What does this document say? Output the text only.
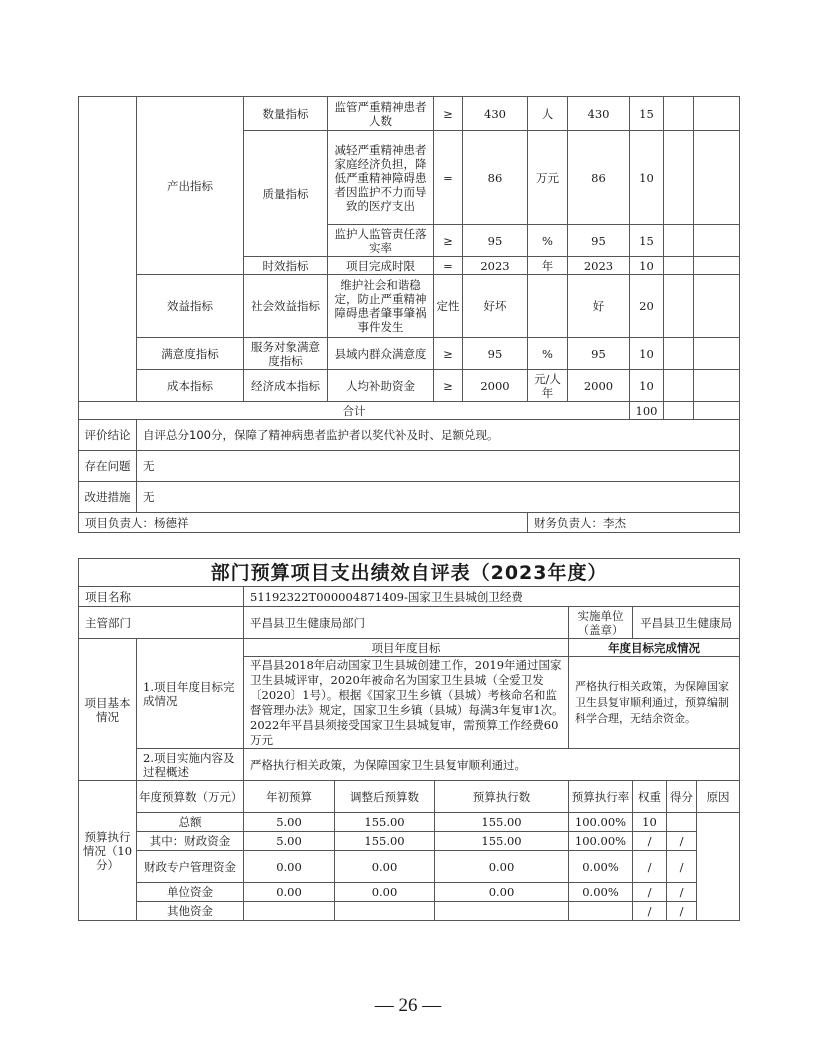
	产出指标	数量指标	监管严重精神患者人数	≥	430	人	430	15		
		质量指标	减轻严重精神患者家庭经济负担，降低严重精神障碍患者因监护不力而导致的医疗支出	=	86	万元	86	10		
			监护人监管责任落实率	≥	95	%	95	15		
		时效指标	项目完成时限	=	2023	年	2023	10		
	效益指标	社会效益指标	维护社会和谐稳定，防止严重精神障碍患者肇事肇祸事件发生	定性	好坏		好	20		
	满意度指标	服务对象满意度指标	县域内群众满意度	≥	95	%	95	10		
	成本指标	经济成本指标	人均补助资金	≥	2000	元/人年	2000	10		
合计								100		
评价结论	自评总分100分，保障了精神病患者监护者以奖代补及时、足额兑现。									
存在问题	无									
改进措施	无									
项目负责人：杨德祥						财务负责人：李杰				
部门预算项目支出绩效自评表（2023年度）								
项目名称		51192322T000004871409-国家卫生县城创卫经费						
主管部门		平昌县卫生健康局部门			实施单位（盖章）	平昌县卫生健康局		
项目基本情况	1.项目年度目标完成情况	项目年度目标			年度目标完成情况			
		平昌县2018年启动国家卫生县城创建工作，2019年通过国家卫生县城评审，2020年被命名为国家卫生县城（全爱卫发〔2020〕1号）。根据《国家卫生乡镇（县城）考核命名和监督管理办法》规定，国家卫生乡镇（县城）每满3年复审1次。2022年平昌县须接受国家卫生县城复审，需预算工作经费60万元			严格执行相关政策，为保障国家卫生县复审顺利通过，预算编制科学合理，无结余资金。			
	2.项目实施内容及过程概述	严格执行相关政策，为保障国家卫生县复审顺利通过。						
预算执行情况（10分）	年度预算数（万元）	年初预算	调整后预算数	预算执行数	预算执行率	权重	得分	原因
	总额	5.00	155.00	155.00	100.00%	10		
	其中：财政资金	5.00	155.00	155.00	100.00%	/	/	
	财政专户管理资金	0.00	0.00	0.00	0.00%	/	/	
	单位资金	0.00	0.00	0.00	0.00%	/	/	
	其他资金					/	/	
— 26 —
